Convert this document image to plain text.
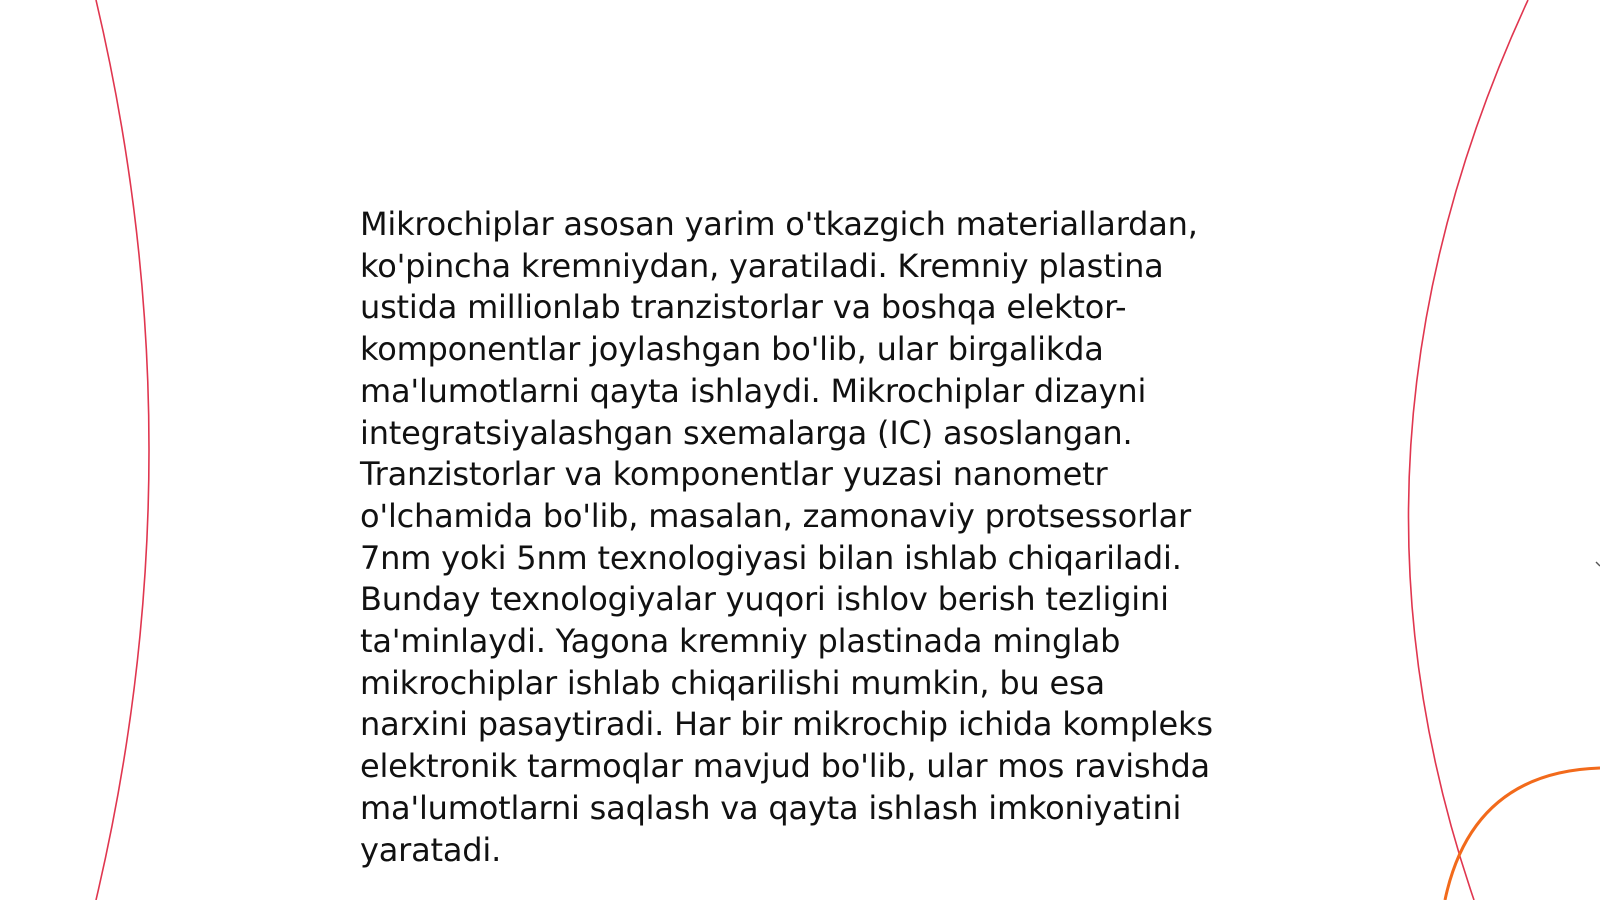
Mikrochiplar asosan yarim o'tkazgich materiallardan,
ko'pincha kremniydan, yaratiladi. Kremniy plastina
ustida millionlab tranzistorlar va boshqa elektor-
komponentlar joylashgan bo'lib, ular birgalikda
ma'lumotlarni qayta ishlaydi. Mikrochiplar dizayni
integratsiyalashgan sxemalarga (IC) asoslangan.
Tranzistorlar va komponentlar yuzasi nanometr
o'lchamida bo'lib, masalan, zamonaviy protsessorlar
7nm yoki 5nm texnologiyasi bilan ishlab chiqariladi.
Bunday texnologiyalar yuqori ishlov berish tezligini
ta'minlaydi. Yagona kremniy plastinada minglab
mikrochiplar ishlab chiqarilishi mumkin, bu esa
narxini pasaytiradi. Har bir mikrochip ichida kompleks
elektronik tarmoqlar mavjud bo'lib, ular mos ravishda
ma'lumotlarni saqlash va qayta ishlash imkoniyatini
yaratadi.
